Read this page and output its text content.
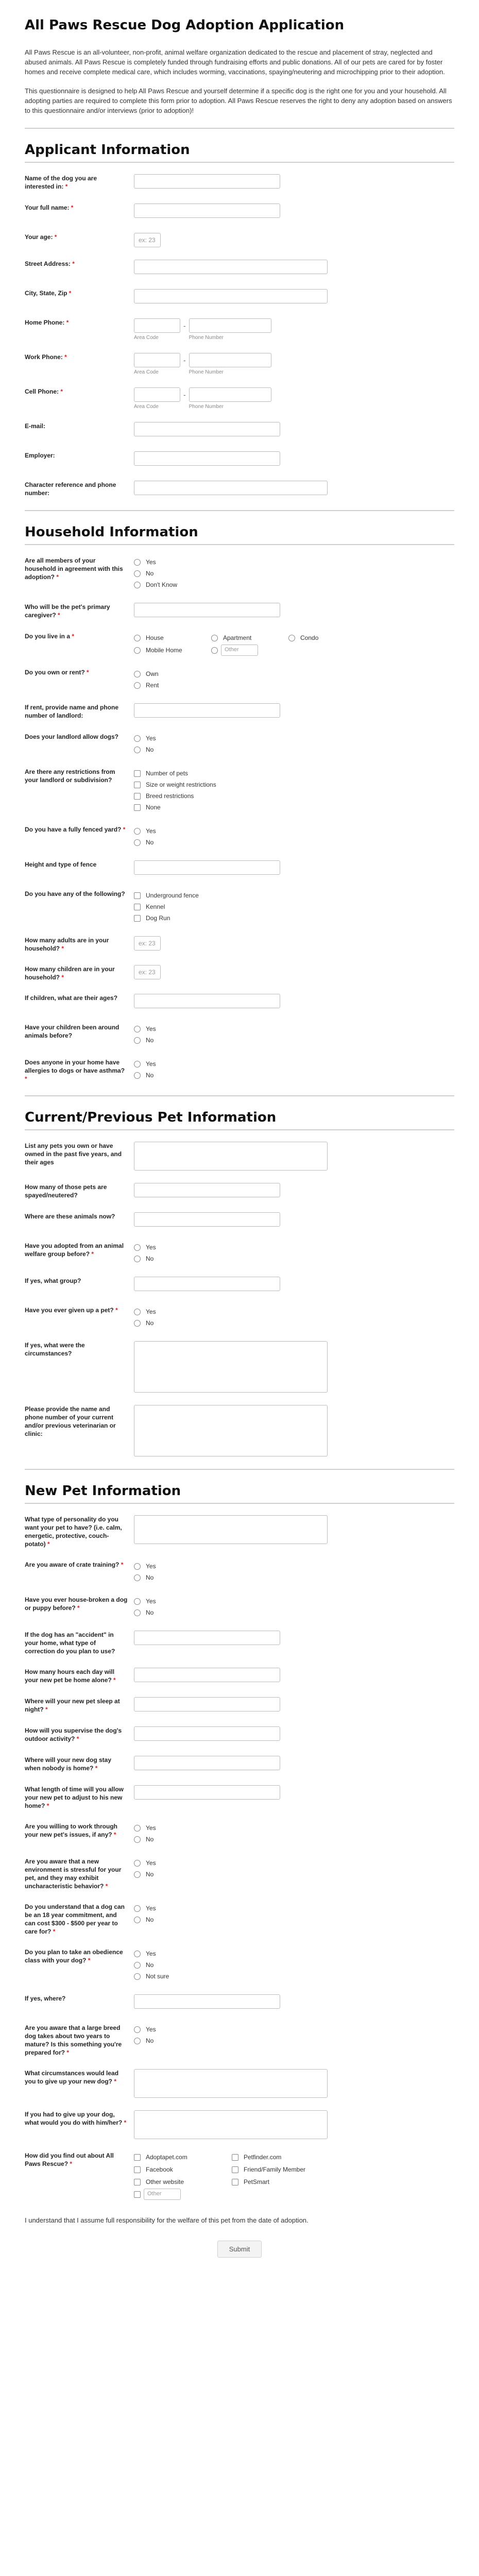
All Paws Rescue Dog Adoption Application

All Paws Rescue is an all-volunteer, non-profit, animal welfare organization dedicated to the rescue and placement of stray, neglected and abused animals. All Paws Rescue is completely funded through fundraising efforts and public donations. All of our pets are cared for by foster homes and receive complete medical care, which includes worming, vaccinations, spaying/neutering and microchipping prior to their adoption.

This questionnaire is designed to help All Paws Rescue and yourself determine if a specific dog is the right one for you and your household. All adopting parties are required to complete this form prior to adoption. All Paws Rescue reserves the right to deny any adoption based on answers to this questionnaire and/or interviews (prior to adoption)!

Applicant Information
Name of the dog you are interested in: *
Your full name: *
Your age: *	ex: 23
Street Address: *
City, State, Zip *
Home Phone: *
Area Code
-
Phone Number
Work Phone: *
Area Code
-
Phone Number
Cell Phone: *
Area Code
-
Phone Number
E-mail:
Employer:
Character reference and phone number:
Household Information
Are all members of your household in agreement with this adoption? *
Yes
No
Don't Know
Who will be the pet's primary caregiver? *
Do you live in a *	House	Apartment	Condo
Mobile Home	Other
Do you own or rent? *	Own
Rent
If rent, provide name and phone number of landlord:
Does your landlord allow dogs?	Yes
No
Are there any restrictions from your landlord or subdivision?
Number of pets
Size or weight restrictions
Breed restrictions
None
Do you have a fully fenced yard? *	Yes
No
Height and type of fence
Do you have any of the following?	Underground fence
Kennel
Dog Run
How many adults are in your household? *
ex: 23
How many children are in your household? *
ex: 23
If children, what are their ages?
Have your children been around animals before?
Yes
No
Does anyone in your home have allergies to dogs or have asthma? *
Yes
No
Current/Previous Pet Information
List any pets you own or have owned in the past five years, and their ages
How many of those pets are spayed/neutered?
Where are these animals now?
Have you adopted from an animal welfare group before? *
Yes
No
If yes, what group?
Have you ever given up a pet? *	Yes
No
If yes, what were the circumstances?
Please provide the name and phone number of your current and/or previous veterinarian or clinic:
New Pet Information
What type of personality do you want your pet to have? (i.e. calm, energetic, protective, couch-potato) *
Are you aware of crate training? *	Yes
No
Have you ever house-broken a dog or puppy before? *
Yes
No
If the dog has an "accident" in your home, what type of correction do you plan to use?
How many hours each day will your new pet be home alone? *
Where will your new pet sleep at night? *
How will you supervise the dog's outdoor activity? *
Where will your new dog stay when nobody is home? *
What length of time will you allow your new pet to adjust to his new home? *
Are you willing to work through your new pet's issues, if any? *
Yes
No
Are you aware that a new environment is stressful for your pet, and they may exhibit uncharacteristic behavior? *
Yes
No
Do you understand that a dog can be an 18 year commitment, and can cost $300 - $500 per year to care for? *
Yes
No
Do you plan to take an obedience class with your dog? *
Yes
No
Not sure
If yes, where?
Are you aware that a large breed dog takes about two years to mature? Is this something you're prepared for? *
Yes
No
What circumstances would lead you to give up your new dog? *
If you had to give up your dog, what would you do with him/her? *
How did you find out about All Paws Rescue? *
Adoptapet.com	Petfinder.com
Facebook	Friend/Family Member
Other website	PetSmart
Other

I understand that I assume full responsibility for the welfare of this pet from the date of adoption.

Submit
